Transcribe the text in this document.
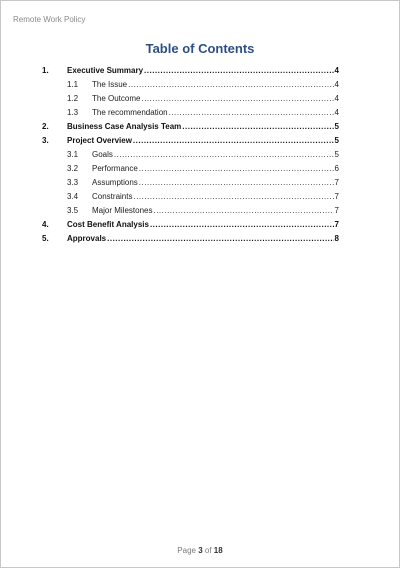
Remote Work Policy
Table of Contents
1.	Executive Summary .....	4
1.1	The Issue .....	4
1.2	The Outcome .....	4
1.3	The recommendation .....	4
2.	Business Case Analysis Team .....	5
3.	Project Overview .....	5
3.1	Goals .....	5
3.2	Performance .....	6
3.3	Assumptions .....	7
3.4	Constraints .....	7
3.5	Major Milestones .....	7
4.	Cost Benefit Analysis .....	7
5.	Approvals .....	8
Page 3 of 18
